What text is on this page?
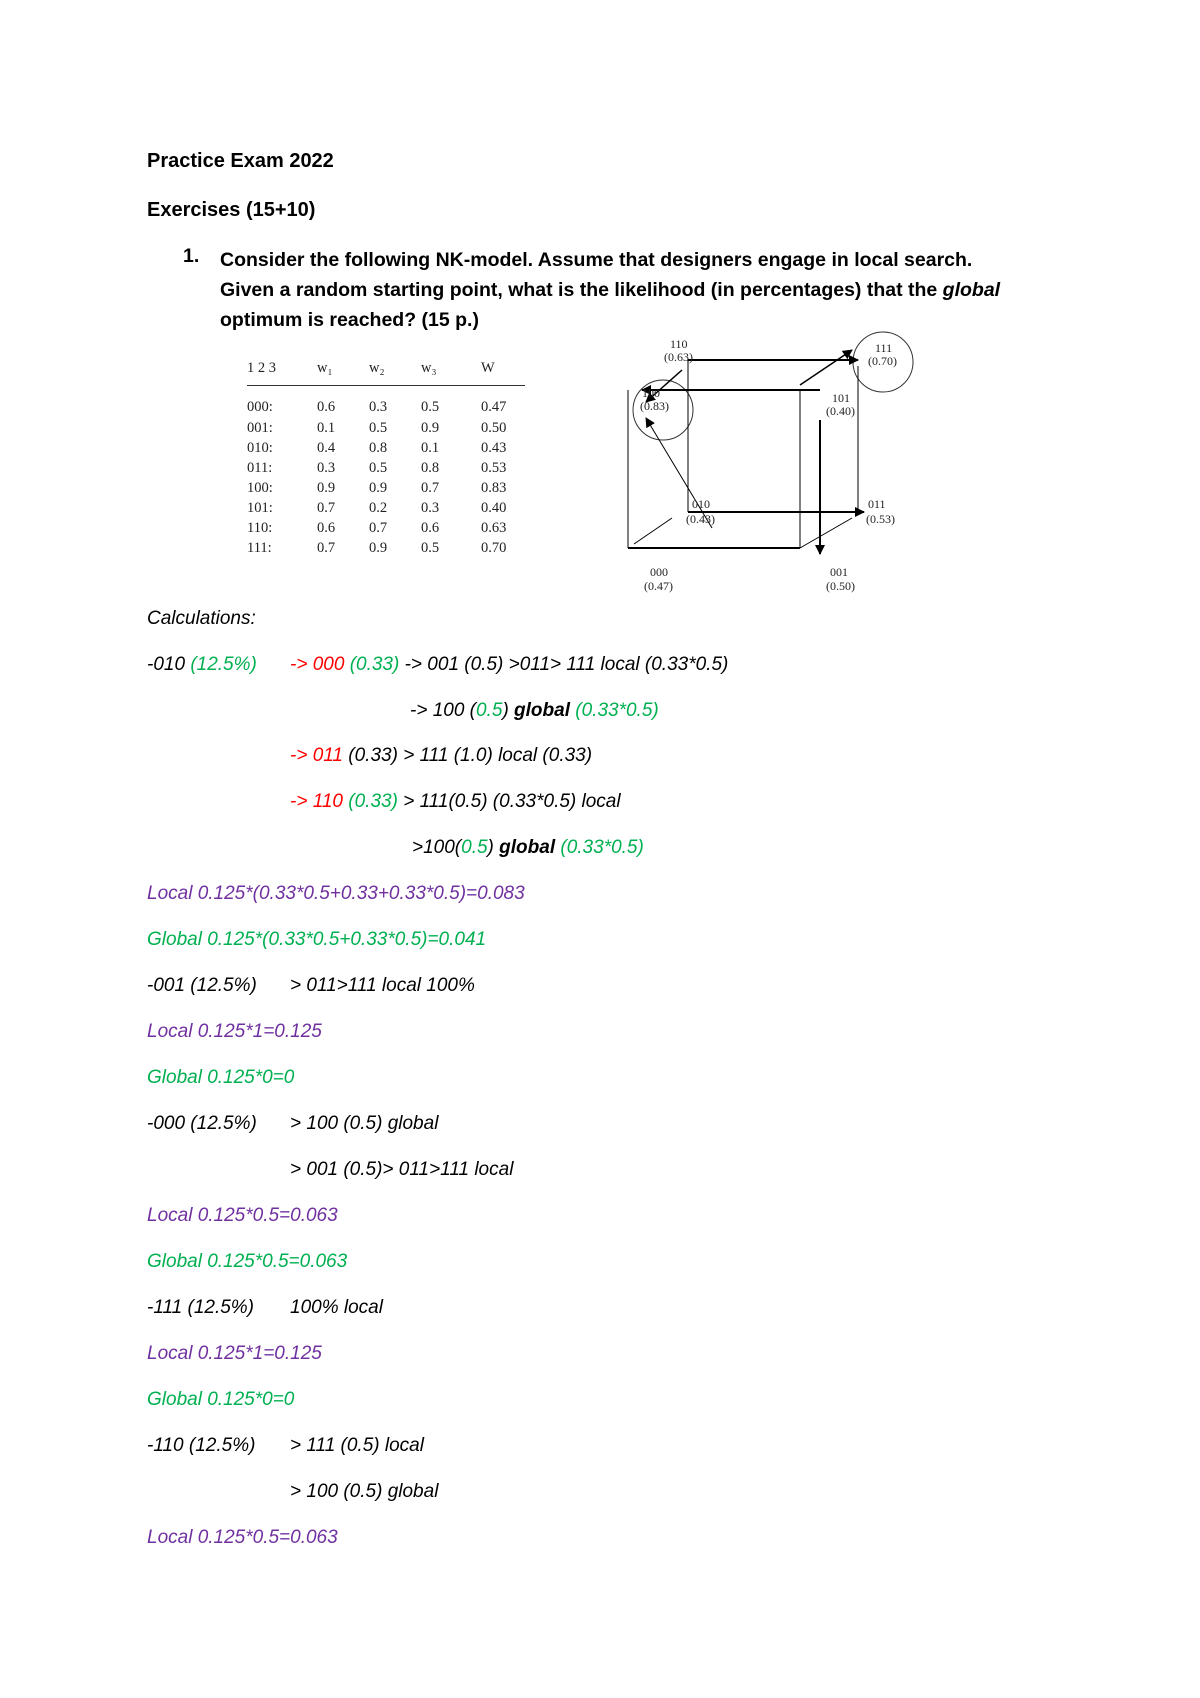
Practice Exam 2022
Exercises (15+10)
1. Consider the following NK-model. Assume that designers engage in local search.
Given a random starting point, what is the likelihood (in percentages) that the global
optimum is reached? (15 p.)
1 2 3	w₁	w₂	w₃	W
000:	0.6	0.3	0.5	0.47
001:	0.1	0.5	0.9	0.50
010:	0.4	0.8	0.1	0.43
011:	0.3	0.5	0.8	0.53
100:	0.9	0.9	0.7	0.83
101:	0.7	0.2	0.3	0.40
110:	0.6	0.7	0.6	0.63
111:	0.7	0.9	0.5	0.70
110
(0.63)
111
(0.70)
100
(0.83)
101
(0.40)
010
(0.43)
011
(0.53)
000
(0.47)
001
(0.50)
Calculations:
-010 (12.5%) -> 000 (0.33) -> 001 (0.5) >011> 111 local (0.33*0.5)
-> 100 (0.5) global (0.33*0.5)
-> 011 (0.33) > 111 (1.0) local (0.33)
-> 110 (0.33) > 111(0.5) (0.33*0.5) local
>100(0.5) global (0.33*0.5)
Local 0.125*(0.33*0.5+0.33+0.33*0.5)=0.083
Global 0.125*(0.33*0.5+0.33*0.5)=0.041
-001 (12.5%) > 011>111 local 100%
Local 0.125*1=0.125
Global 0.125*0=0
-000 (12.5%) > 100 (0.5) global
> 001 (0.5)> 011>111 local
Local 0.125*0.5=0.063
Global 0.125*0.5=0.063
-111 (12.5%) 100% local
Local 0.125*1=0.125
Global 0.125*0=0
-110 (12.5%) > 111 (0.5) local
> 100 (0.5) global
Local 0.125*0.5=0.063
